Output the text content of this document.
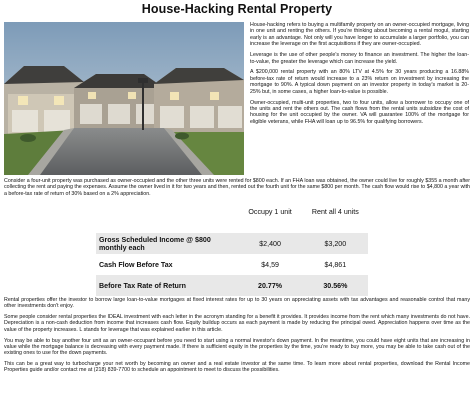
House-Hacking Rental Property

House-hacking refers to buying a multifamily property on an owner-occupied mortgage, living in one unit and renting the others. If you're thinking about becoming a rental mogul, starting early is an advantage. Not only will you have longer to accumulate a larger portfolio, you can increase the leverage on the first acquisitions if they are owner-occupied.

Leverage is the use of other people's money to finance an investment. The higher the loan-to-value, the greater the leverage which can increase the yield.

A $200,000 rental property with an 80% LTV at 4.5% for 30 years producing a 16.88% before-tax rate of return would increase to a 23% return on investment by increasing the mortgage to 90%. A typical down payment on an investor property in today's market is 20-25% but, in some cases, a higher loan-to-value is possible.

Owner-occupied, multi-unit properties, two to four units, allow a borrower to occupy one of the units and rent the others out. The cash flows from the rental units subsidize the cost of housing for the unit occupied by the owner. VA will guarantee 100% of the mortgage for eligible veterans, while FHA will loan up to 96.5% for qualifying borrowers.

Consider a four-unit property was purchased as owner-occupied and the other three units were rented for $800 each. If an FHA loan was obtained, the owner could live for roughly $355 a month after collecting the rent and paying the expenses. Assume the owner lived in it for two years and then, rented out the fourth unit for the same $800 per month. The cash flow would rise to $4,800 a year with a before-tax rate of return of 30% based on a 2% appreciation.
	Occupy 1 unit	Rent all 4 units
Gross Scheduled Income @ $800 monthly each	$2,400	$3,200
Cash Flow Before Tax	$4,59	$4,861
Before Tax Rate of Return	20.77%	30.56%

Rental properties offer the investor to borrow large loan-to-value mortgages at fixed interest rates for up to 30 years on appreciating assets with tax advantages and reasonable control that many other investments don't enjoy.

Some people consider rental properties the IDEAL investment with each letter in the acronym standing for a benefit it provides. It provides income from the rent which many investments do not have. Depreciation is a non-cash deduction from income that increases cash flow. Equity buildup occurs as each payment is made by reducing the principal owed. Appreciation happens over time as the value of the property increases. L stands for leverage that was explained earlier in this article.

You may be able to buy another four unit as an owner-occupant before you need to start using a normal investor's down payment. In the meantime, you could have eight units that are increasing in value while the mortgage balance is decreasing with every payment made. If there is sufficient equity in the properties by the time, you're ready to buy more, you may be able to take cash out of the existing ones to use for the down payments.

This can be a great way to turbocharge your net worth by becoming an owner and a real estate investor at the same time. To learn more about rental properties, download the Rental Income Properties guide and/or contact me at (218) 839-7700 to schedule an appointment to meet to discuss the possibilities.
